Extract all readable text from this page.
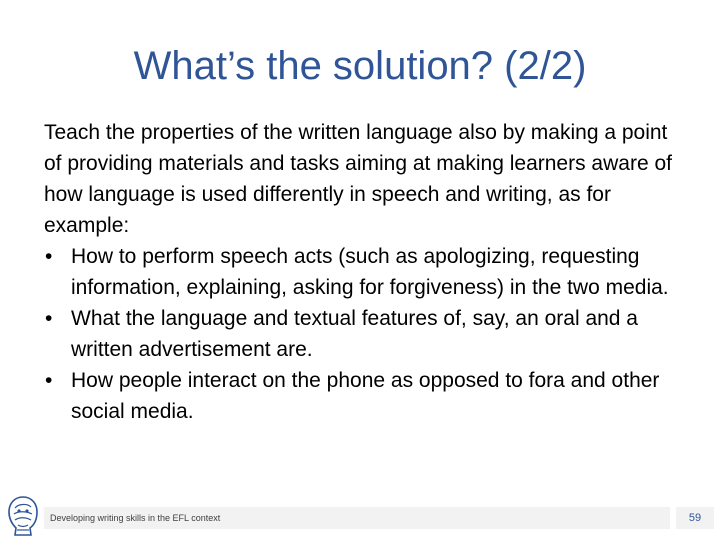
What’s the solution? (2/2)

Teach the properties of the written language also by making a point of providing materials and tasks aiming at making learners aware of how language is used differently in speech and writing, as for example:

• How to perform speech acts (such as apologizing, requesting information, explaining, asking for forgiveness) in the two media.
• What the language and textual features of, say, an oral and a written advertisement are.
• How people interact on the phone as opposed to fora and other social media.
Developing writing skills in the EFL context	59
